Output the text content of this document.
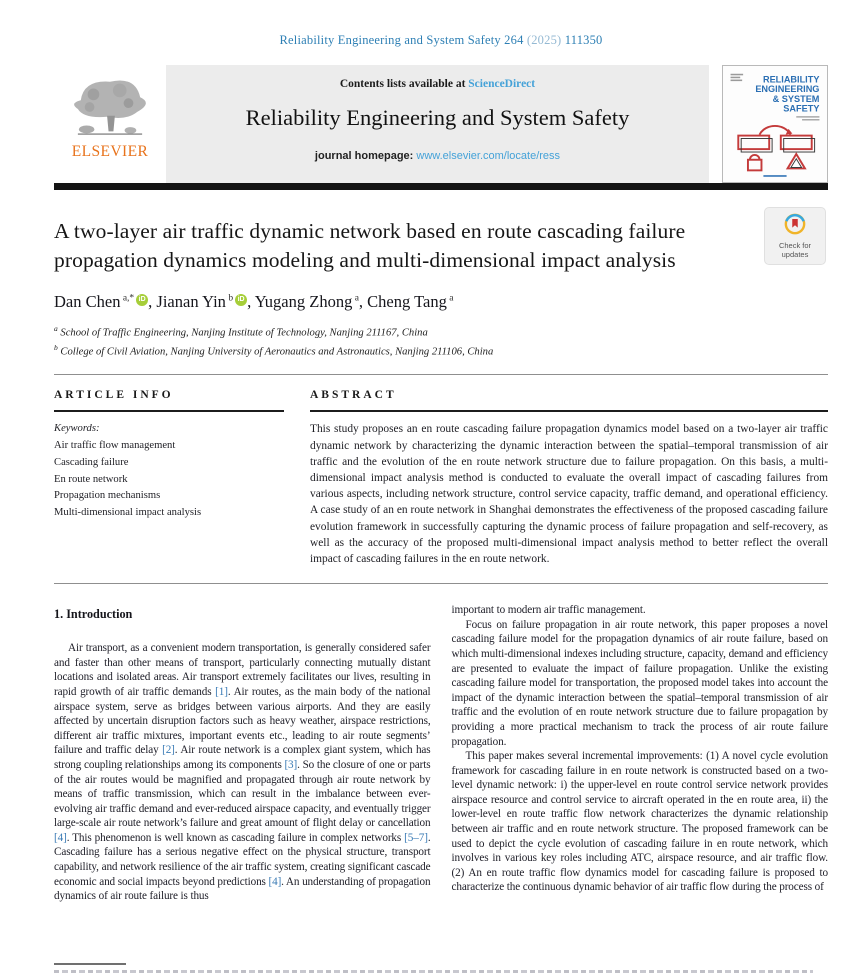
Reliability Engineering and System Safety 264 (2025) 111350
ELSEVIER
Contents lists available at ScienceDirect
Reliability Engineering and System Safety
journal homepage: www.elsevier.com/locate/ress
RELIABILITY
ENGINEERING
& SYSTEM
SAFETY
A two-layer air traffic dynamic network based en route cascading failure propagation dynamics modeling and multi-dimensional impact analysis
Check for updates
Dan Chen $^{a,*}$ iD , Jianan Yin $^b$ iD , Yugang Zhong $^a$, Cheng Tang $^a$
$^a$ School of Traffic Engineering, Nanjing Institute of Technology, Nanjing 211167, China
$^b$ College of Civil Aviation, Nanjing University of Aeronautics and Astronautics, Nanjing 211106, China
ARTICLE INFO
Keywords:
Air traffic flow management
Cascading failure
En route network
Propagation mechanisms
Multi-dimensional impact analysis
ABSTRACT

This study proposes an en route cascading failure propagation dynamics model based on a two-layer air traffic dynamic network by characterizing the dynamic interaction between the spatial–temporal transmission of air traffic and the evolution of the en route network structure due to failure propagation. On this basis, a multi-dimensional impact analysis method is conducted to evaluate the overall impact of cascading failures from various aspects, including network structure, control service capacity, traffic demand, and operational efficiency. A case study of an en route network in Shanghai demonstrates the effectiveness of the proposed cascading failure evolution framework in successfully capturing the dynamic process of failure propagation and self-recovery, as well as the accuracy of the proposed multi-dimensional impact analysis method to better reflect the overall impact of cascading failures in the en route network.

1. Introduction

Air transport, as a convenient modern transportation, is generally considered safer and faster than other means of transport, particularly connecting mutually distant locations and isolated areas. Air transport extremely facilitates our lives, resulting in rapid growth of air traffic demands [1]. Air routes, as the main body of the national airspace system, serve as bridges between various airports. And they are easily affected by uncertain disruption factors such as heavy weather, airspace restrictions, different air traffic mixtures, important events etc., leading to air route segments’ failure and traffic delay [2]. Air route network is a complex giant system, which has strong coupling relationships among its components [3]. So the closure of one or parts of the air routes would be magnified and propagated through air route network by means of traffic transmission, which can result in the imbalance between ever-evolving air traffic demand and ever-reduced airspace capacity, and eventually trigger large-scale air route network’s failure and great amount of flight delay or cancellation [4]. This phenomenon is well known as cascading failure in complex networks [5–7]. Cascading failure has a serious negative effect on the physical structure, transport capability, and network resilience of the air traffic system, creating significant cascade economic and social impacts beyond predictions [4]. An understanding of propagation dynamics of air route failure is thus

important to modern air traffic management.

Focus on failure propagation in air route network, this paper proposes a novel cascading failure model for the propagation dynamics of air route failure, based on which multi-dimensional indexes including structure, capacity, demand and efficiency are presented to evaluate the impact of failure propagation. Unlike the existing cascading failure model for transportation, the proposed model takes into account the impact of the dynamic interaction between the spatial–temporal transmission of air traffic and the evolution of en route network structure due to failure propagation by providing a more practical mechanism to track the process of air route failure propagation.

This paper makes several incremental improvements: (1) A novel cycle evolution framework for cascading failure in en route network is constructed based on a two-level dynamic network: i) the upper-level en route control service network provides airspace resource and control service to aircraft operated in the en route area, ii) the lower-level en route traffic flow network characterizes the dynamic relationship between air traffic and en route network structure. The proposed framework can be used to depict the cycle evolution of cascading failure in en route network, which involves in various key roles including ATC, airspace resource, and air traffic flow. (2) An en route traffic flow dynamics model for cascading failure is proposed to characterize the continuous dynamic behavior of air traffic flow during the process of
